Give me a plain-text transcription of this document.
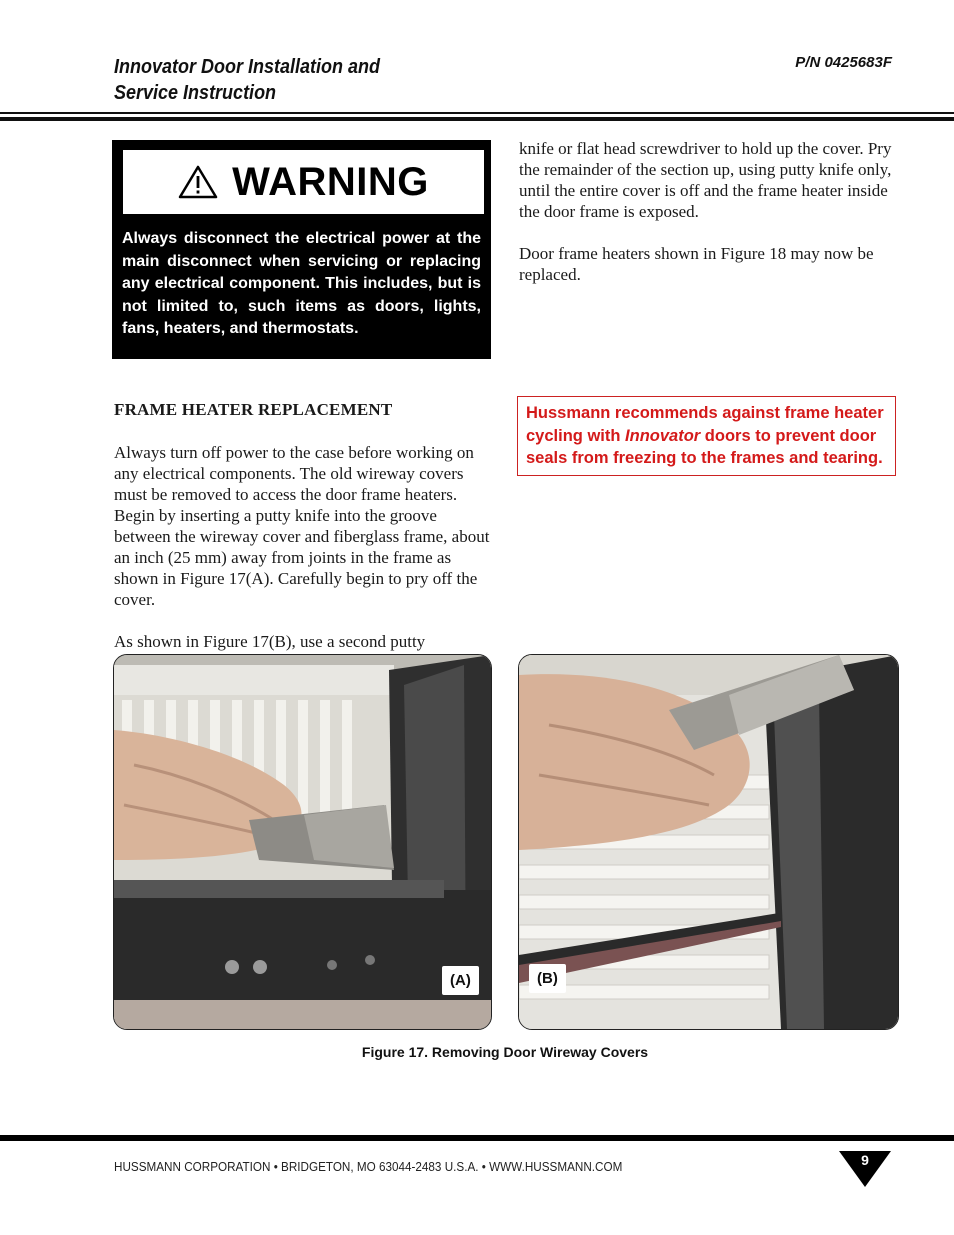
Innovator Door Installation and
Service Instruction
P/N 0425683F
WARNING
Always disconnect the electrical power at the main disconnect when servicing or replacing any electrical component. This includes, but is not limited to, such items as doors, lights, fans, heaters, and thermostats.

knife or flat head screwdriver to hold up the cover. Pry the remainder of the section up, using putty knife only, until the entire cover is off and the frame heater inside the door frame is exposed.

Door frame heaters shown in Figure 18 may now be replaced.

FRAME HEATER REPLACEMENT

Always turn off power to the case before working on any electrical components. The old wireway covers must be removed to access the door frame heaters. Begin by inserting a putty knife into the groove between the wireway cover and fiberglass frame, about an inch (25 mm) away from joints in the frame as shown in Figure 17(A). Carefully begin to pry off the cover.

As shown in Figure 17(B), use a second putty

Hussmann recommends against frame heater cycling with Innovator doors to prevent door seals from freezing to the frames and tearing.
(A)	(B)
Figure 17. Removing Door Wireway Covers
HUSSMANN CORPORATION • BRIDGETON, MO 63044-2483 U.S.A. • WWW.HUSSMANN.COM	9
